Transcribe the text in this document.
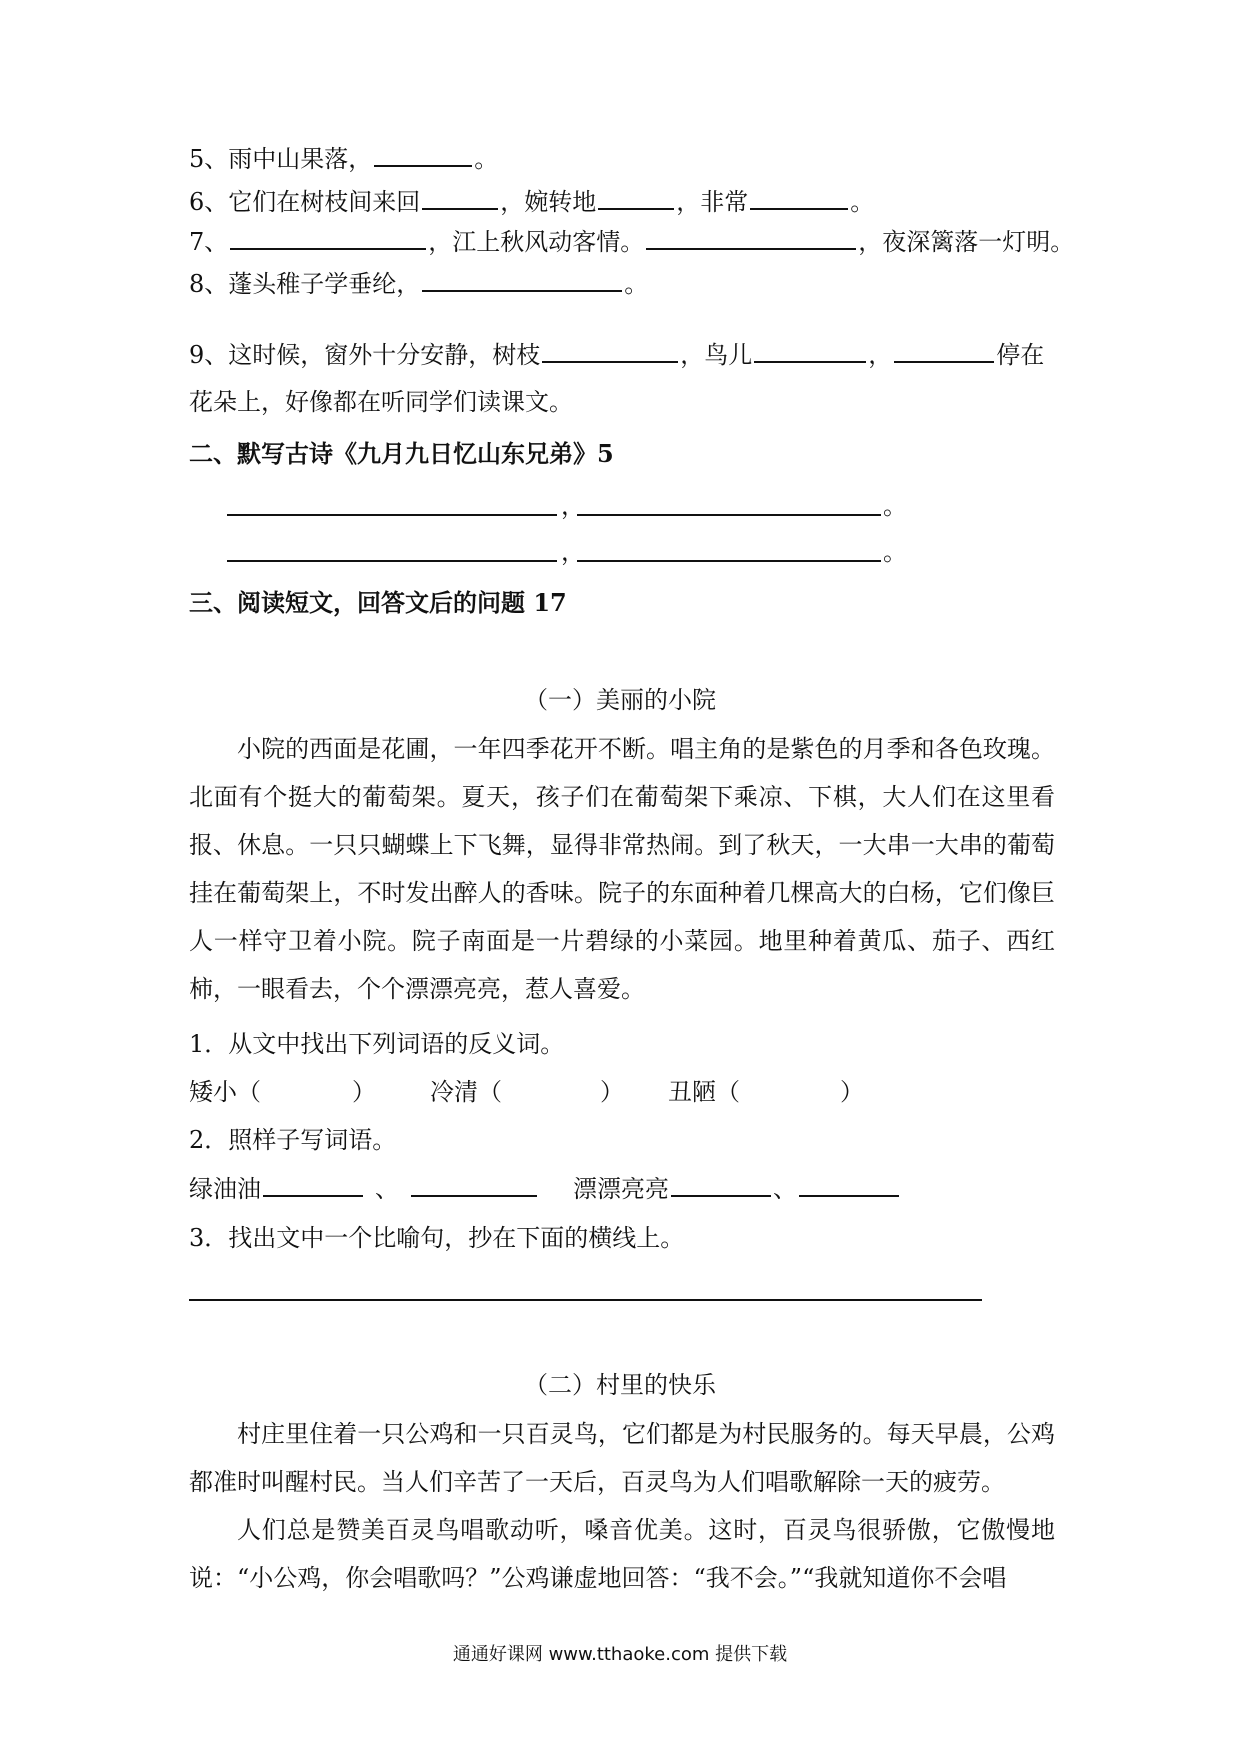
5、雨中山果落，	。
6、它们在树枝间来回	，婉转地	，非常	。
7、	，江上秋风动客情。	，夜深篱落一灯明。
8、蓬头稚子学垂纶，	。
9、这时候，窗外十分安静，树枝	，鸟儿	，	停在
花朵上，好像都在听同学们读课文。
二、默写古诗《九月九日忆山东兄弟》5
，	。
，	。
三、阅读短文，回答文后的问题 17
（一）美丽的小院
小院的西面是花圃，一年四季花开不断。唱主角的是紫色的月季和各色玫瑰。北面有个挺大的葡萄架。夏天，孩子们在葡萄架下乘凉、下棋，大人们在这里看报、休息。一只只蝴蝶上下飞舞，显得非常热闹。到了秋天，一大串一大串的葡萄挂在葡萄架上，不时发出醉人的香味。院子的东面种着几棵高大的白杨，它们像巨人一样守卫着小院。院子南面是一片碧绿的小菜园。地里种着黄瓜、茄子、西红柿，一眼看去，个个漂漂亮亮，惹人喜爱。
1．从文中找出下列词语的反义词。
矮小（	） 冷清（	） 丑陋（	）
2．照样子写词语。
绿油油	、	漂漂亮亮	、
3．找出文中一个比喻句，抄在下面的横线上。
（二）村里的快乐
村庄里住着一只公鸡和一只百灵鸟，它们都是为村民服务的。每天早晨，公鸡都准时叫醒村民。当人们辛苦了一天后，百灵鸟为人们唱歌解除一天的疲劳。
人们总是赞美百灵鸟唱歌动听，嗓音优美。这时，百灵鸟很骄傲，它傲慢地说：“小公鸡，你会唱歌吗？”公鸡谦虚地回答：“我不会。”“我就知道你不会唱
通通好课网 www.tthaoke.com 提供下载
